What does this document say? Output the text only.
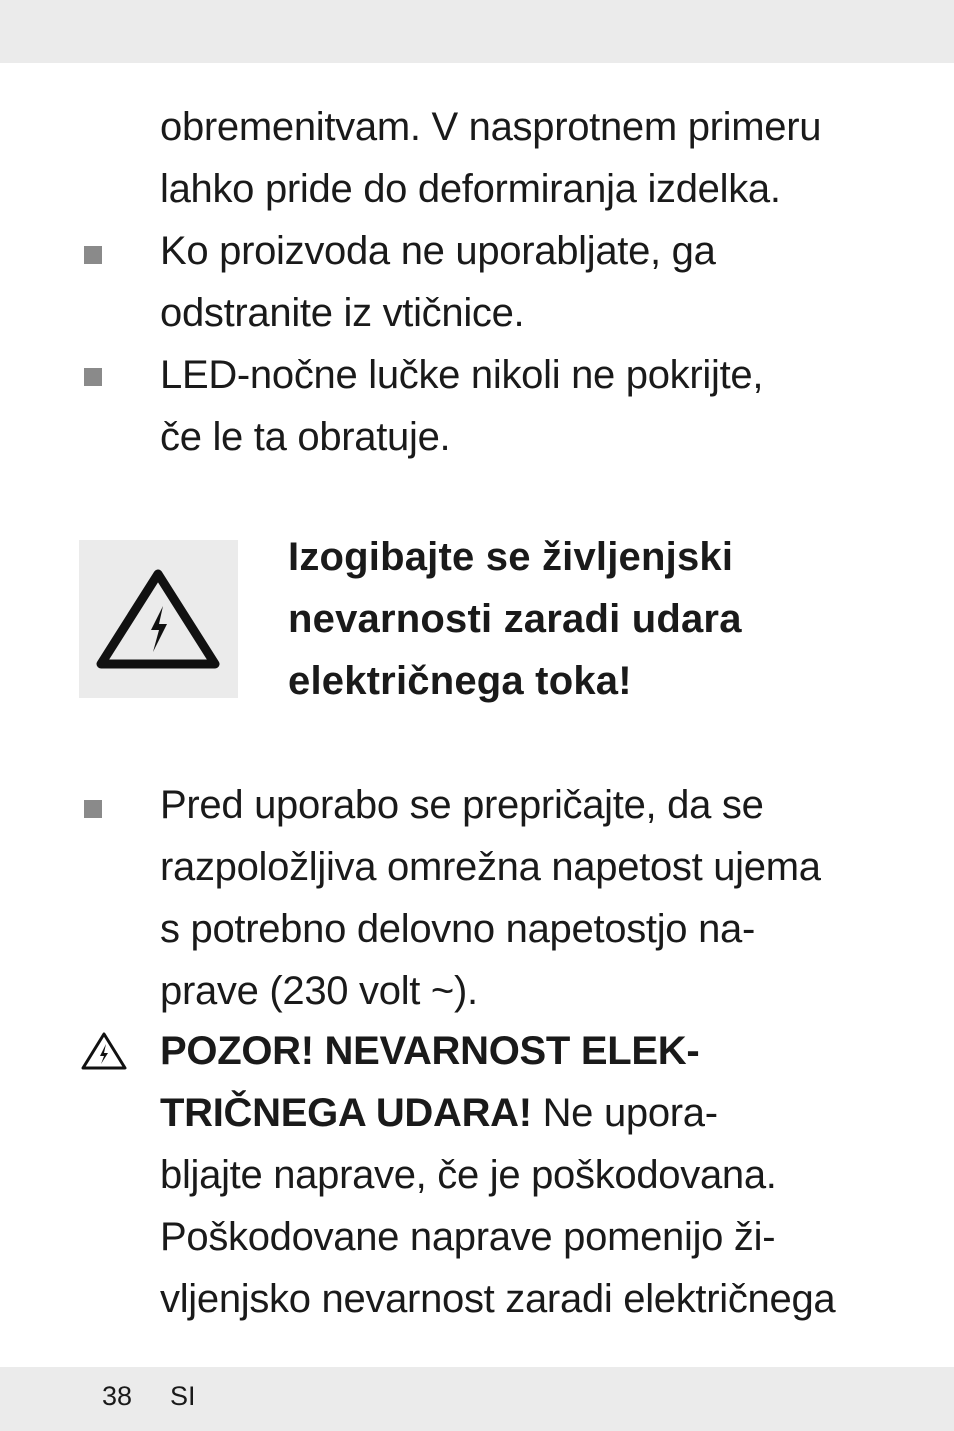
obremenitvam. V nasprotnem primeru
lahko pride do deformiranja izdelka.
Ko proizvoda ne uporabljate, ga
odstranite iz vtičnice.
LED-nočne lučke nikoli ne pokrijte,
če le ta obratuje.
Izogibajte se življenjski
nevarnosti zaradi udara
električnega toka!
Pred uporabo se prepričajte, da se
razpoložljiva omrežna napetost ujema
s potrebno delovno napetostjo na-
prave (230 volt ~).
POZOR! NEVARNOST ELEK-
TRIČNEGA UDARA! Ne upora-
bljajte naprave, če je poškodovana.
Poškodovane naprave pomenijo ži-
vljenjsko nevarnost zaradi električnega
38 SI
